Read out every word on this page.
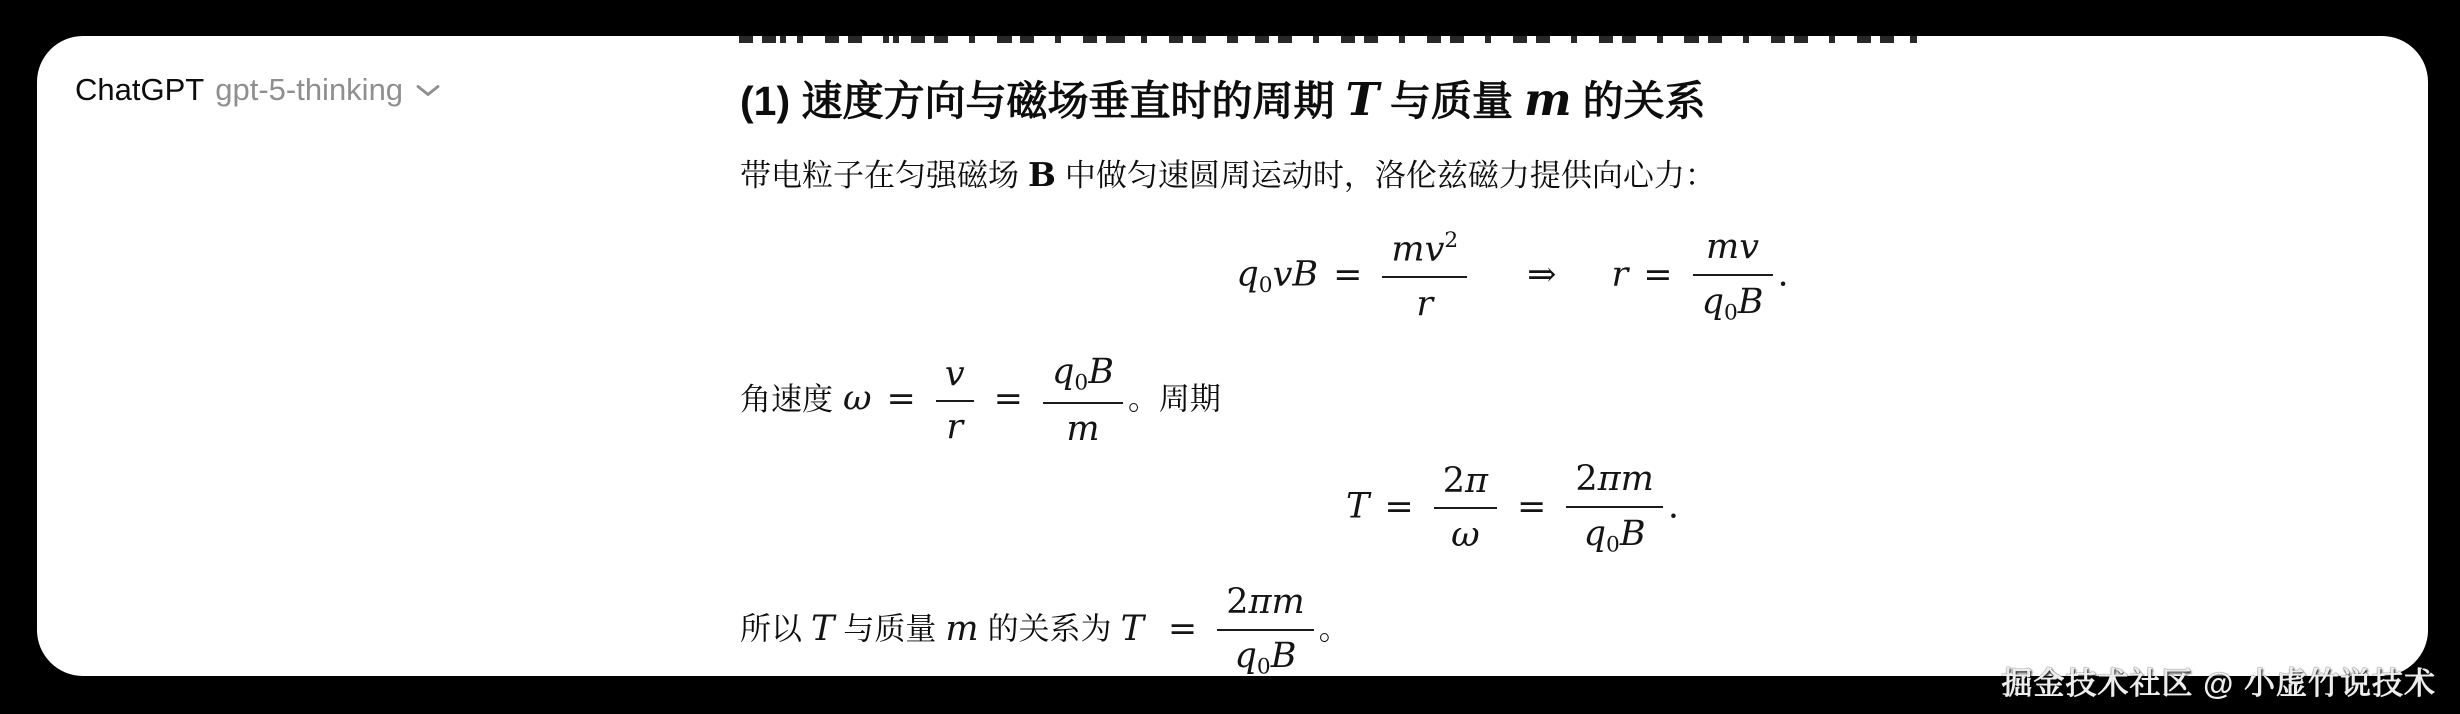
ChatGPT gpt-5-thinking	(1) 速度方向与磁场垂直时的周期 T 与质量 m 的关系
带电粒子在匀强磁场 B 中做匀速圆周运动时，洛伦兹磁力提供向心力：
$q0vB = \frac{mv^2}{r}$ ⇒ $r = \frac{mv}{q0B}$ .
角速度 $\omega = \frac{v}{r} = \frac{q0B}{m}$ 。周期
$T = \frac{2\pi}{\omega} = \frac{2\pi m}{q0B}$ .
所以 T 与质量 m 的关系为 $T = \frac{2\pi m}{q0B}$ 。
掘金技术社区 @ 小虚竹说技术
